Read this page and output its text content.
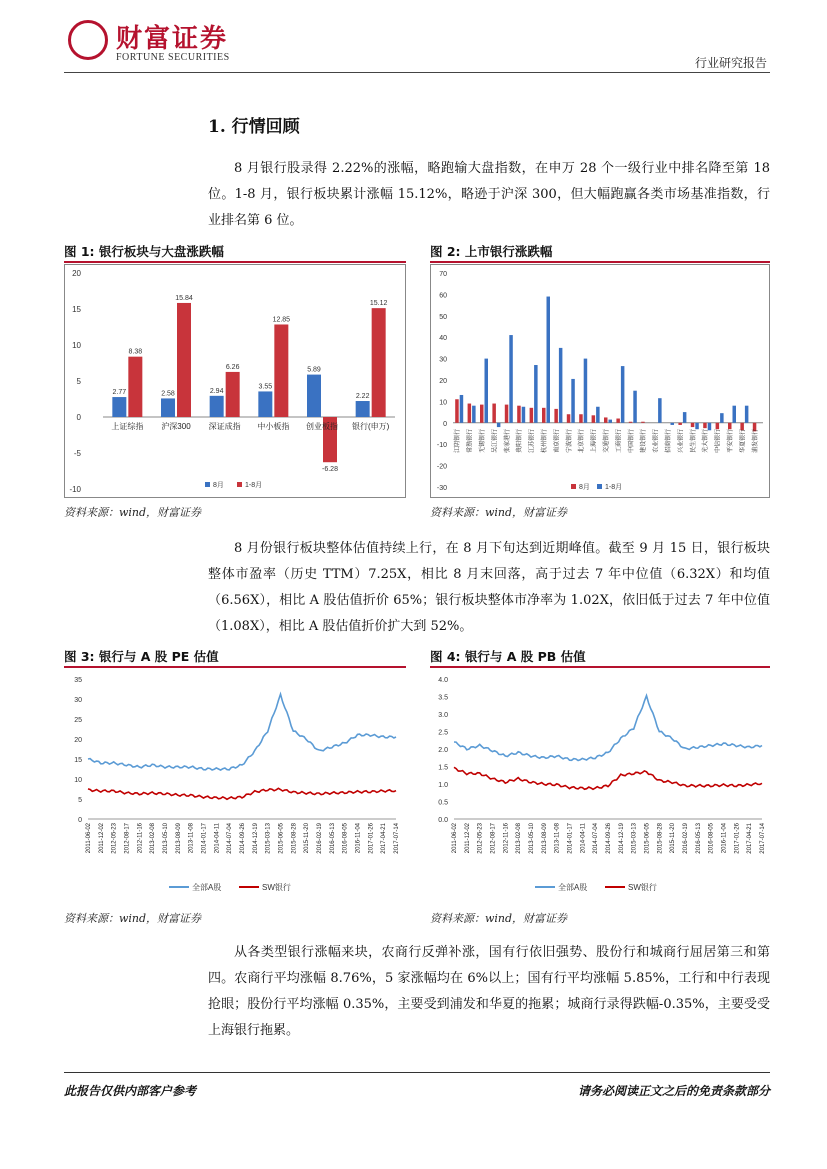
财富证券
FORTUNE SECURITIES	行业研究报告
1. 行情回顾
8 月银行股录得 2.22%的涨幅，略跑输大盘指数，在申万 28 个一级行业中排名降至第 18 位。1-8 月，银行板块累计涨幅 15.12%，略逊于沪深 300，但大幅跑赢各类市场基准指数，行业排名第 6 位。
图 1: 银行板块与大盘涨跌幅	图 2: 上市银行涨跌幅
20
15
10
5
0
-5
-10
2.77
8.38
上证综指
2.58
15.84
沪深300
2.94
6.26
深证成指
3.55
12.85
中小板指
5.89
-6.28
创业板指
2.22
15.12
银行(申万)
8月	1-8月
70
60
50
40
30
20
10
0
-10
-20
-30
江阴银行	常熟银行	无锡银行	吴江银行	张家港行	贵阳银行	江苏银行	杭州银行	南京银行	宁波银行	北京银行	上海银行	交通银行	工商银行	中国银行	建设银行	农业银行	招商银行	兴业银行	民生银行	光大银行	中信银行	平安银行	华夏银行	浦发银行
8月 1-8月
资料来源：wind，财富证券	资料来源：wind，财富证券
8 月份银行板块整体估值持续上行，在 8 月下旬达到近期峰值。截至 9 月 15 日，银行板块整体市盈率（历史 TTM）7.25X，相比 8 月末回落，高于过去 7 年中位值（6.32X）和均值（6.56X），相比 A 股估值折价 65%；银行板块整体市净率为 1.02X，依旧低于过去 7 年中位值（1.08X），相比 A 股估值折价扩大到 52%。
图 3: 银行与 A 股 PE 估值	图 4: 银行与 A 股 PB 估值
35
30
25
20
15
10
5
0
2011-06-02 2011-12-02 2012-05-23 2012-08-17 2012-11-16 2013-02-08 2013-05-10 2013-08-09 2013-11-08 2014-01-17 2014-04-11 2014-07-04 2014-09-26 2014-12-19 2015-03-13 2015-06-05 2015-08-28 2015-11-20 2016-02-19 2016-05-13 2016-08-05 2016-11-04 2017-01-26 2017-04-21 2017-07-14
全部A股	SW银行
4.0
3.5
3.0
2.5
2.0
1.5
1.0
0.5
0.0
2011-06-02 2011-12-02 2012-05-23 2012-08-17 2012-11-16 2013-02-08 2013-05-10 2013-08-09 2013-11-08 2014-01-17 2014-04-11 2014-07-04 2014-09-26 2014-12-19 2015-03-13 2015-06-05 2015-08-28 2015-11-20 2016-02-19 2016-05-13 2016-08-05 2016-11-04 2017-01-26 2017-04-21 2017-07-14
全部A股	SW银行
资料来源：wind，财富证券	资料来源：wind，财富证券
从各类型银行涨幅来块，农商行反弹补涨，国有行依旧强势、股份行和城商行屈居第三和第四。农商行平均涨幅 8.76%，5 家涨幅均在 6%以上；国有行平均涨幅 5.85%，工行和中行表现抢眼；股份行平均涨幅 0.35%，主要受到浦发和华夏的拖累；城商行录得跌幅-0.35%，主要受受上海银行拖累。
此报告仅供内部客户参考	请务必阅读正文之后的免责条款部分
